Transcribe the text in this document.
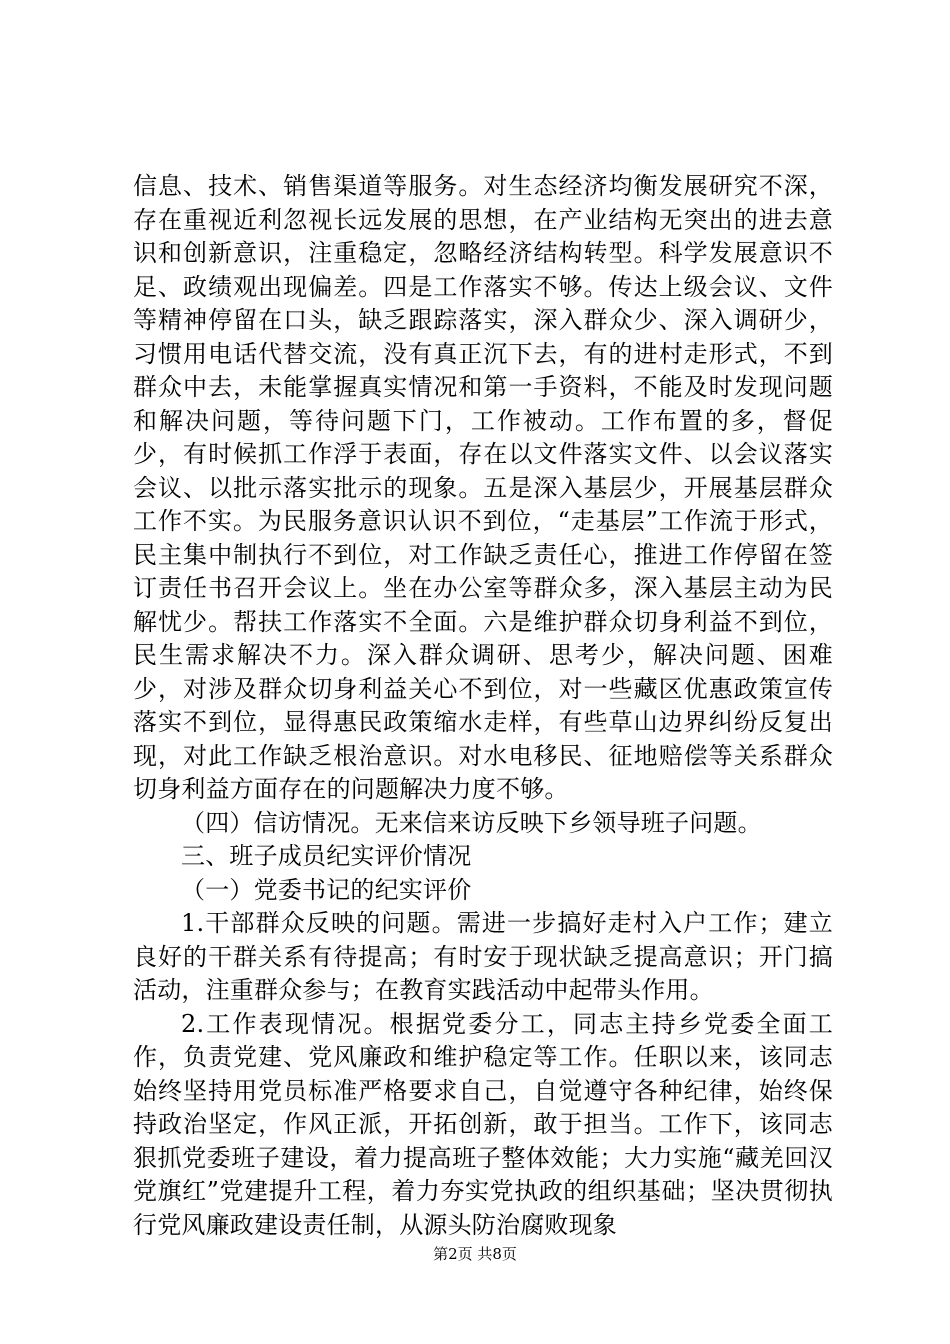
信息、技术、销售渠道等服务。对生态经济均衡发展研究不深，存在重视近利忽视长远发展的思想，在产业结构无突出的进去意识和创新意识，注重稳定，忽略经济结构转型。科学发展意识不足、政绩观出现偏差。四是工作落实不够。传达上级会议、文件等精神停留在口头，缺乏跟踪落实，深入群众少、深入调研少，习惯用电话代替交流，没有真正沉下去，有的进村走形式，不到群众中去，未能掌握真实情况和第一手资料，不能及时发现问题和解决问题，等待问题下门，工作被动。工作布置的多，督促少，有时候抓工作浮于表面，存在以文件落实文件、以会议落实会议、以批示落实批示的现象。五是深入基层少，开展基层群众工作不实。为民服务意识认识不到位，“走基层”工作流于形式，民主集中制执行不到位，对工作缺乏责任心，推进工作停留在签订责任书召开会议上。坐在办公室等群众多，深入基层主动为民解忧少。帮扶工作落实不全面。六是维护群众切身利益不到位，民生需求解决不力。深入群众调研、思考少，解决问题、困难少，对涉及群众切身利益关心不到位，对一些藏区优惠政策宣传落实不到位，显得惠民政策缩水走样，有些草山边界纠纷反复出现，对此工作缺乏根治意识。对水电移民、征地赔偿等关系群众切身利益方面存在的问题解决力度不够。

（四）信访情况。无来信来访反映下乡领导班子问题。

三、班子成员纪实评价情况

（一）党委书记的纪实评价

1.干部群众反映的问题。需进一步搞好走村入户工作；建立良好的干群关系有待提高；有时安于现状缺乏提高意识；开门搞活动，注重群众参与；在教育实践活动中起带头作用。

2.工作表现情况。根据党委分工，同志主持乡党委全面工作，负责党建、党风廉政和维护稳定等工作。任职以来，该同志始终坚持用党员标准严格要求自己，自觉遵守各种纪律，始终保持政治坚定，作风正派，开拓创新，敢于担当。工作下，该同志狠抓党委班子建设，着力提高班子整体效能；大力实施“藏羌回汉党旗红”党建提升工程，着力夯实党执政的组织基础；坚决贯彻执行党风廉政建设责任制，从源头防治腐败现象

第2页 共8页
